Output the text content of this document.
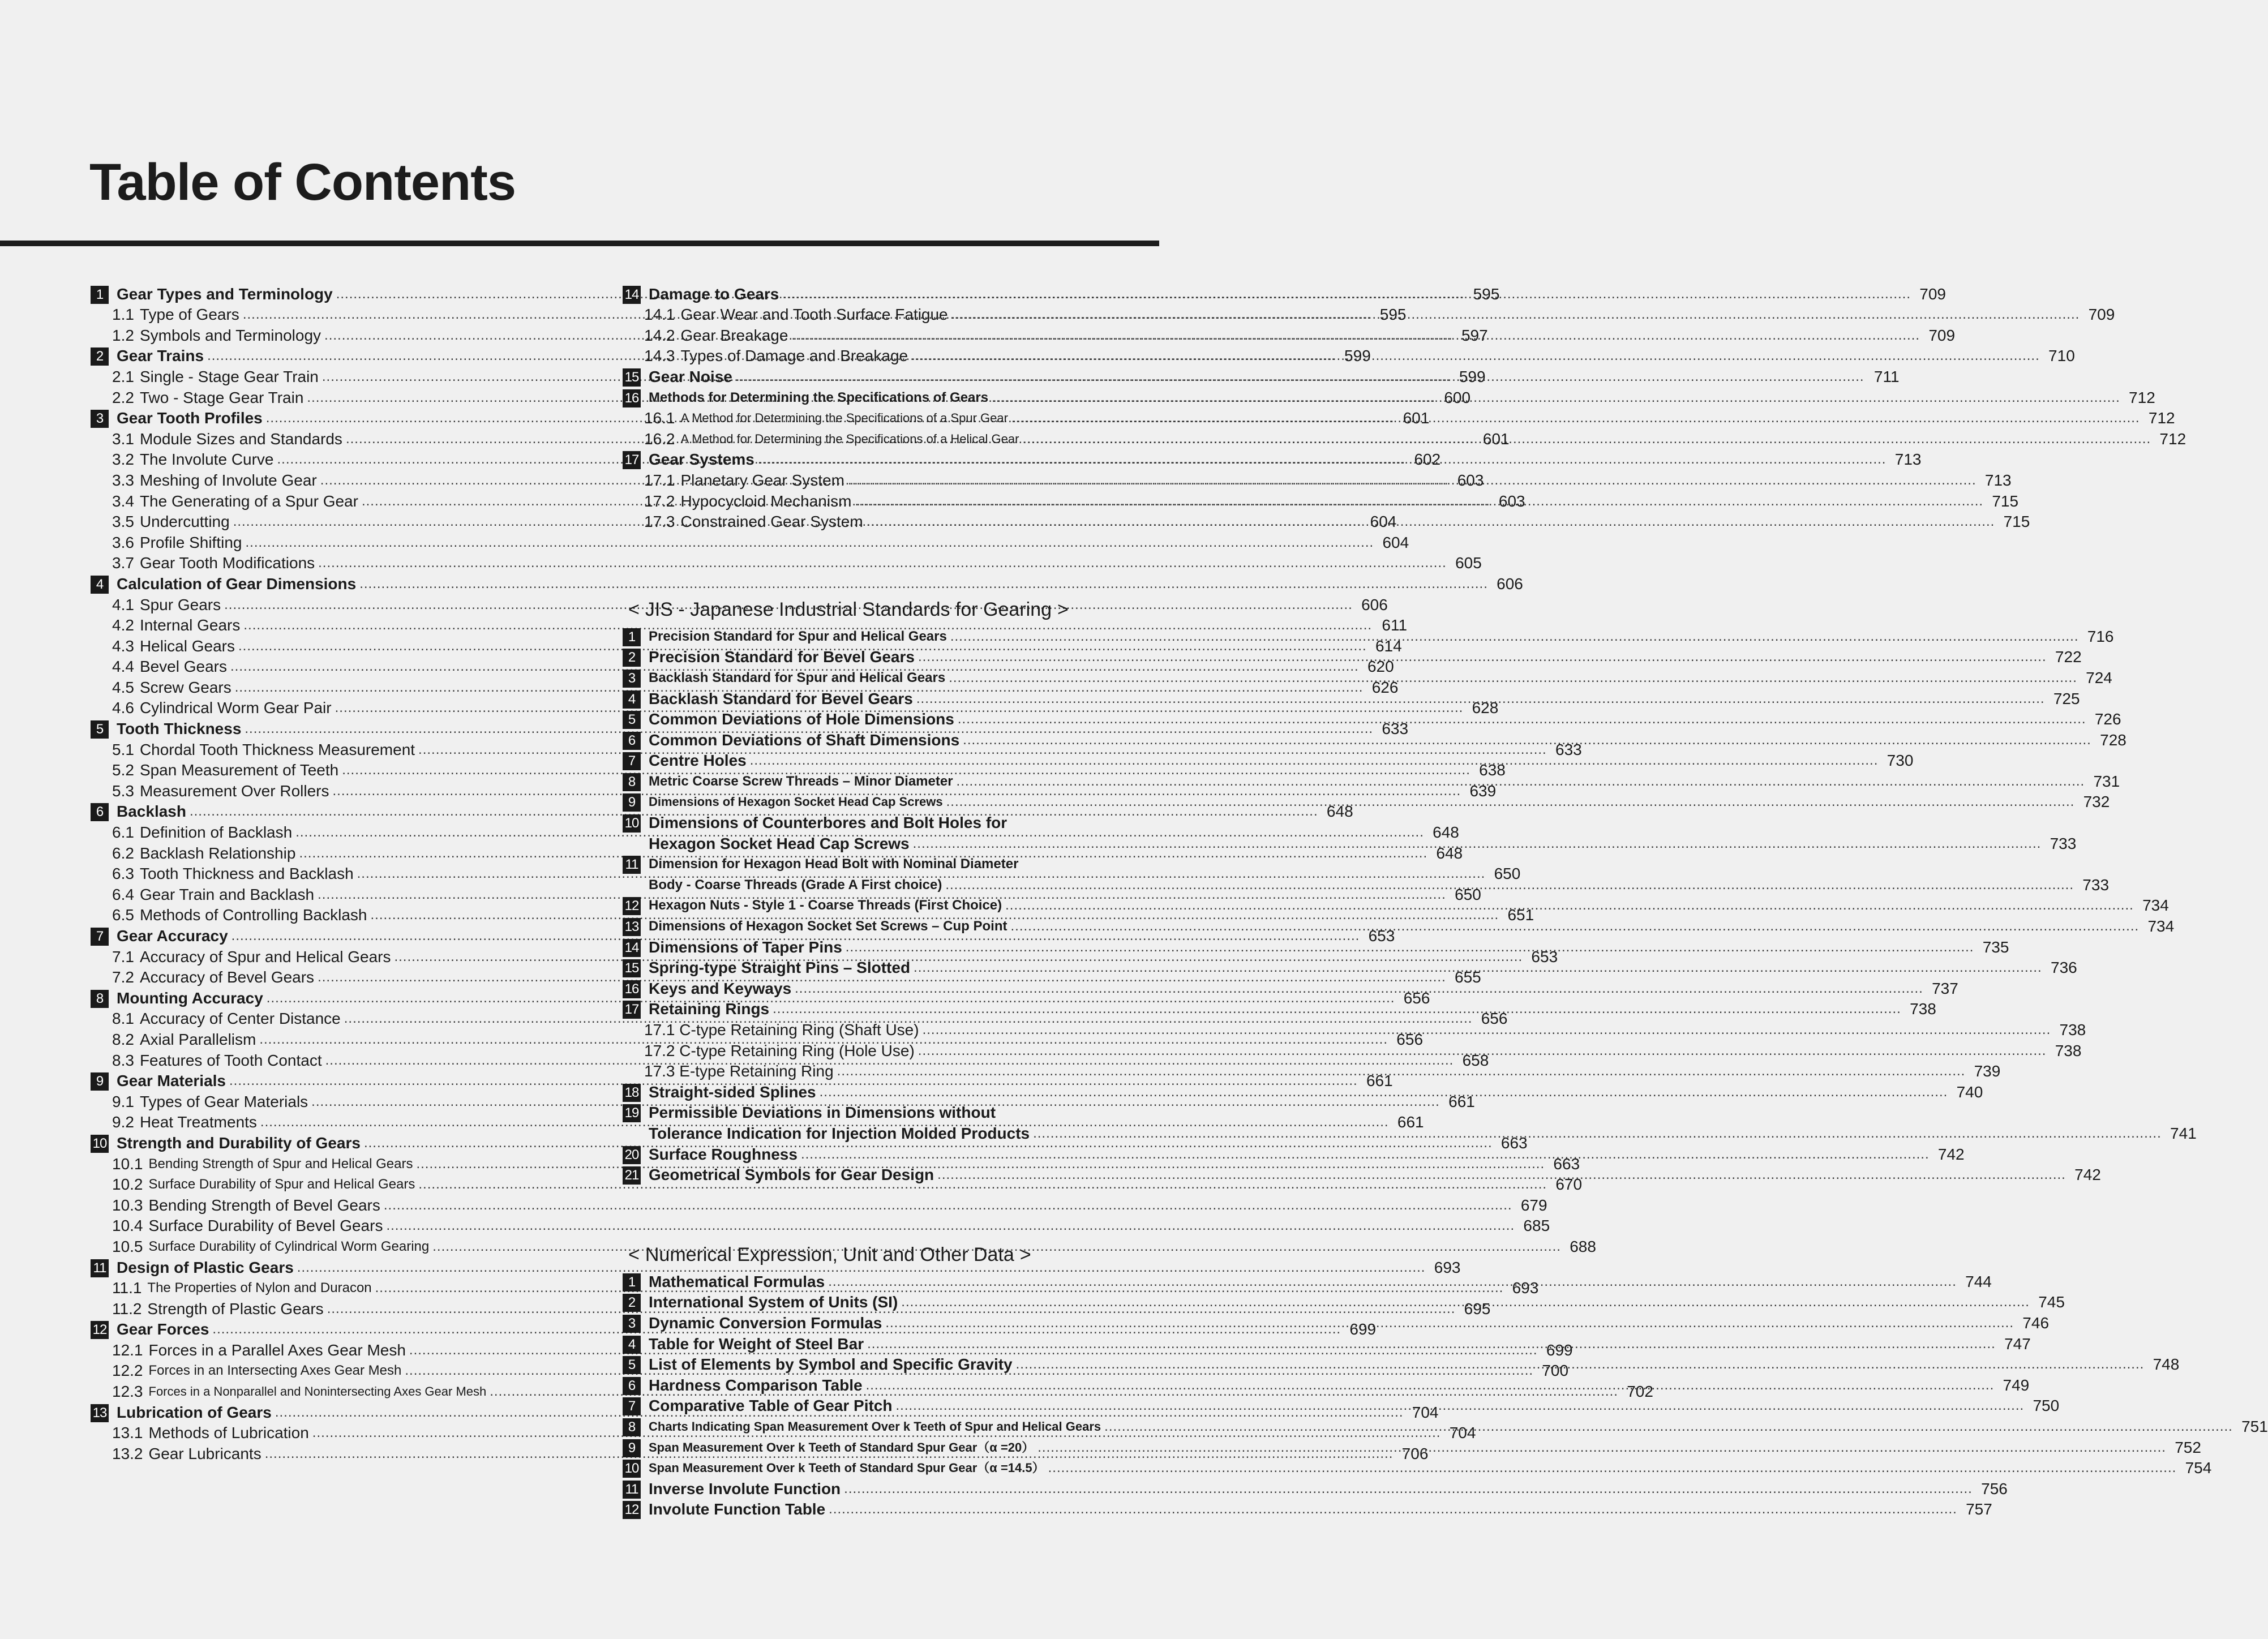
Table of Contents
1 Gear Types and Terminology .....	595
1.1 Type of Gears .....	595
1.2 Symbols and Terminology .....	597
2 Gear Trains .....	599
2.1 Single - Stage Gear Train .....	599
2.2 Two - Stage Gear Train .....	600
3 Gear Tooth Profiles .....	601
3.1 Module Sizes and Standards .....	601
3.2 The Involute Curve .....	602
3.3 Meshing of Involute Gear .....	603
3.4 The Generating of a Spur Gear .....	603
3.5 Undercutting .....	604
3.6 Profile Shifting .....	604
3.7 Gear Tooth Modifications .....	605
4 Calculation of Gear Dimensions .....	606
4.1 Spur Gears .....	606
4.2 Internal Gears .....	611
4.3 Helical Gears .....	614
4.4 Bevel Gears .....	620
4.5 Screw Gears .....	626
4.6 Cylindrical Worm Gear Pair .....	628
5 Tooth Thickness .....	633
5.1 Chordal Tooth Thickness Measurement .....	633
5.2 Span Measurement of Teeth .....	638
5.3 Measurement Over Rollers .....	639
6 Backlash .....	648
6.1 Definition of Backlash .....	648
6.2 Backlash Relationship .....	648
6.3 Tooth Thickness and Backlash .....	650
6.4 Gear Train and Backlash .....	650
6.5 Methods of Controlling Backlash .....	651
7 Gear Accuracy .....	653
7.1 Accuracy of Spur and Helical Gears .....	653
7.2 Accuracy of Bevel Gears .....	655
8 Mounting Accuracy .....	656
8.1 Accuracy of Center Distance .....	656
8.2 Axial Parallelism .....	656
8.3 Features of Tooth Contact .....	658
9 Gear Materials .....	661
9.1 Types of Gear Materials .....	661
9.2 Heat Treatments .....	661
10 Strength and Durability of Gears .....	663
10.1 Bending Strength of Spur and Helical Gears .....	663
10.2 Surface Durability of Spur and Helical Gears .....	670
10.3 Bending Strength of Bevel Gears .....	679
10.4 Surface Durability of Bevel Gears .....	685
10.5 Surface Durability of Cylindrical Worm Gearing .....	688
11 Design of Plastic Gears .....	693
11.1 The Properties of Nylon and Duracon .....	693
11.2 Strength of Plastic Gears .....	695
12 Gear Forces .....	699
12.1 Forces in a Parallel Axes Gear Mesh .....	699
12.2 Forces in an Intersecting Axes Gear Mesh .....	700
12.3 Forces in a Nonparallel and Nonintersecting Axes Gear Mesh .....	702
13 Lubrication of Gears .....	704
13.1 Methods of Lubrication .....	704
13.2 Gear Lubricants .....	706
14 Damage to Gears .....	709
14.1 Gear Wear and Tooth Surface Fatigue .....	709
14.2 Gear Breakage .....	709
14.3 Types of Damage and Breakage .....	710
15 Gear Noise .....	711
16 Methods for Determining the Specifications of Gears .....	712
16.1 A Method for Determining the Specifications of a Spur Gear .....	712
16.2 A Method for Determining the Specifications of a Helical Gear .....	712
17 Gear Systems .....	713
17.1 Planetary Gear System .....	713
17.2 Hypocycloid Mechanism .....	715
17.3 Constrained Gear System .....	715
< JIS - Japanese Industrial Standards for Gearing >
1 Precision Standard for Spur and Helical Gears .....	716
2 Precision Standard for Bevel Gears .....	722
3 Backlash Standard for Spur and Helical Gears .....	724
4 Backlash Standard for Bevel Gears .....	725
5 Common Deviations of Hole Dimensions .....	726
6 Common Deviations of Shaft Dimensions .....	728
7 Centre Holes .....	730
8 Metric Coarse Screw Threads – Minor Diameter .....	731
9	Dimensions of Hexagon Socket Head Cap Screws .....	732
10 Dimensions of Counterbores and Bolt Holes for
Hexagon Socket Head Cap Screws .....	733
11 Dimension for Hexagon Head Bolt with Nominal Diameter
Body - Coarse Threads (Grade A First choice) .....	733
12 Hexagon Nuts - Style 1 - Coarse Threads (First Choice) .....	734
13 Dimensions of Hexagon Socket Set Screws – Cup Point .....	734
14 Dimensions of Taper Pins .....	735
15 Spring-type Straight Pins – Slotted .....	736
16 Keys and Keyways .....	737
17 Retaining Rings .....	738
17.1 C-type Retaining Ring (Shaft Use) .....	738
17.2 C-type Retaining Ring (Hole Use) .....	738
17.3 E-type Retaining Ring .....	739
18 Straight-sided Splines .....	740
19 Permissible Deviations in Dimensions without
Tolerance Indication for Injection Molded Products .....	741
20 Surface Roughness .....	742
21 Geometrical Symbols for Gear Design .....	742
< Numerical Expression, Unit and Other Data >
1 Mathematical Formulas .....	744
2 International System of Units (SI) .....	745
3 Dynamic Conversion Formulas .....	746
4 Table for Weight of Steel Bar .....	747
5 List of Elements by Symbol and Specific Gravity .....	748
6 Hardness Comparison Table .....	749
7 Comparative Table of Gear Pitch .....	750
8	Charts Indicating Span Measurement Over k Teeth of Spur and Helical Gears .....	751
9	Span Measurement Over k Teeth of Standard Spur Gear（α =20） .....	752
10 Span Measurement Over k Teeth of Standard Spur Gear（α =14.5） .....	754
11 Inverse Involute Function .....	756
12 Involute Function Table .....	757
